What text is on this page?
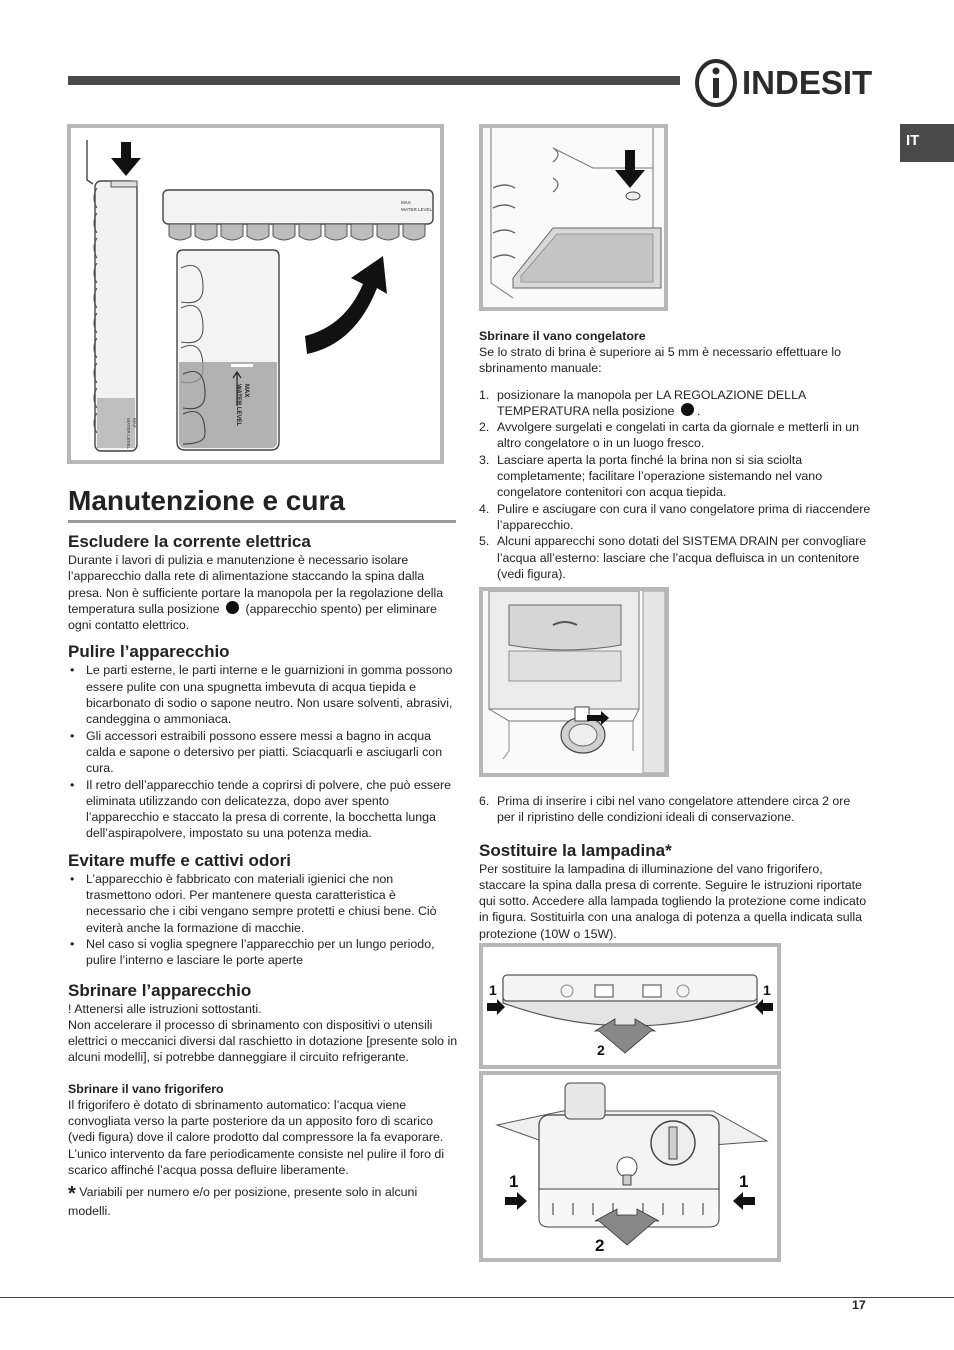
INDESIT
IT
MAX
WATER LEVEL
MAX
WATER LEVEL
MAX
WATER LEVEL
Manutenzione e cura

Escludere la corrente elettrica

Durante i lavori di pulizia e manutenzione è necessario isolare l’apparecchio dalla rete di alimentazione staccando la spina dalla presa. Non è sufficiente portare la manopola per la regolazione della temperatura sulla posizione (apparecchio spento) per eliminare ogni contatto elettrico.

Pulire l’apparecchio

• Le parti esterne, le parti interne e le guarnizioni in gomma possono essere pulite con una spugnetta imbevuta di acqua tiepida e bicarbonato di sodio o sapone neutro. Non usare solventi, abrasivi, candeggina o ammoniaca.
• Gli accessori estraibili possono essere messi a bagno in acqua calda e sapone o detersivo per piatti. Sciacquarli e asciugarli con cura.
• Il retro dell’apparecchio tende a coprirsi di polvere, che può essere eliminata utilizzando con delicatezza, dopo aver spento l’apparecchio e staccato la presa di corrente, la bocchetta lunga dell’aspirapolvere, impostato su una potenza media.

Evitare muffe e cattivi odori

• L’apparecchio è fabbricato con materiali igienici che non trasmettono odori. Per mantenere questa caratteristica è necessario che i cibi vengano sempre protetti e chiusi bene. Ciò eviterà anche la formazione di macchie.
• Nel caso si voglia spegnere l’apparecchio per un lungo periodo, pulire l’interno e lasciare le porte aperte

Sbrinare l’apparecchio

! Attenersi alle istruzioni sottostanti.

Non accelerare il processo di sbrinamento con dispositivi o utensili elettrici o meccanici diversi dal raschietto in dotazione [presente solo in alcuni modelli], si potrebbe danneggiare il circuito refrigerante.

Sbrinare il vano frigorifero

Il frigorifero è dotato di sbrinamento automatico: l’acqua viene convogliata verso la parte posteriore da un apposito foro di scarico (vedi figura) dove il calore prodotto dal compressore la fa evaporare. L’unico intervento da fare periodicamente consiste nel pulire il foro di scarico affinché l’acqua possa defluire liberamente.

* Variabili per numero e/o per posizione, presente solo in alcuni modelli.

Sbrinare il vano congelatore

Se lo strato di brina è superiore ai 5 mm è necessario effettuare lo sbrinamento manuale:

1. posizionare la manopola per LA REGOLAZIONE DELLA TEMPERATURA nella posizione .
2. Avvolgere surgelati e congelati in carta da giornale e metterli in un altro congelatore o in un luogo fresco.
3. Lasciare aperta la porta finché la brina non si sia sciolta completamente; facilitare l’operazione sistemando nel vano congelatore contenitori con acqua tiepida.
4. Pulire e asciugare con cura il vano congelatore prima di riaccendere l’apparecchio.
5. Alcuni apparecchi sono dotati del SISTEMA DRAIN per convogliare l’acqua all’esterno: lasciare che l’acqua defluisca in un contenitore (vedi figura).
6. Prima di inserire i cibi nel vano congelatore attendere circa 2 ore per il ripristino delle condizioni ideali di conservazione.

Sostituire la lampadina*

Per sostituire la lampadina di illuminazione del vano frigorifero, staccare la spina dalla presa di corrente. Seguire le istruzioni riportate qui sotto. Accedere alla lampada togliendo la protezione come indicato in figura. Sostituirla con una analoga di potenza a quella indicata sulla protezione (10W o 15W).

1	1
2
1	1
2
17
